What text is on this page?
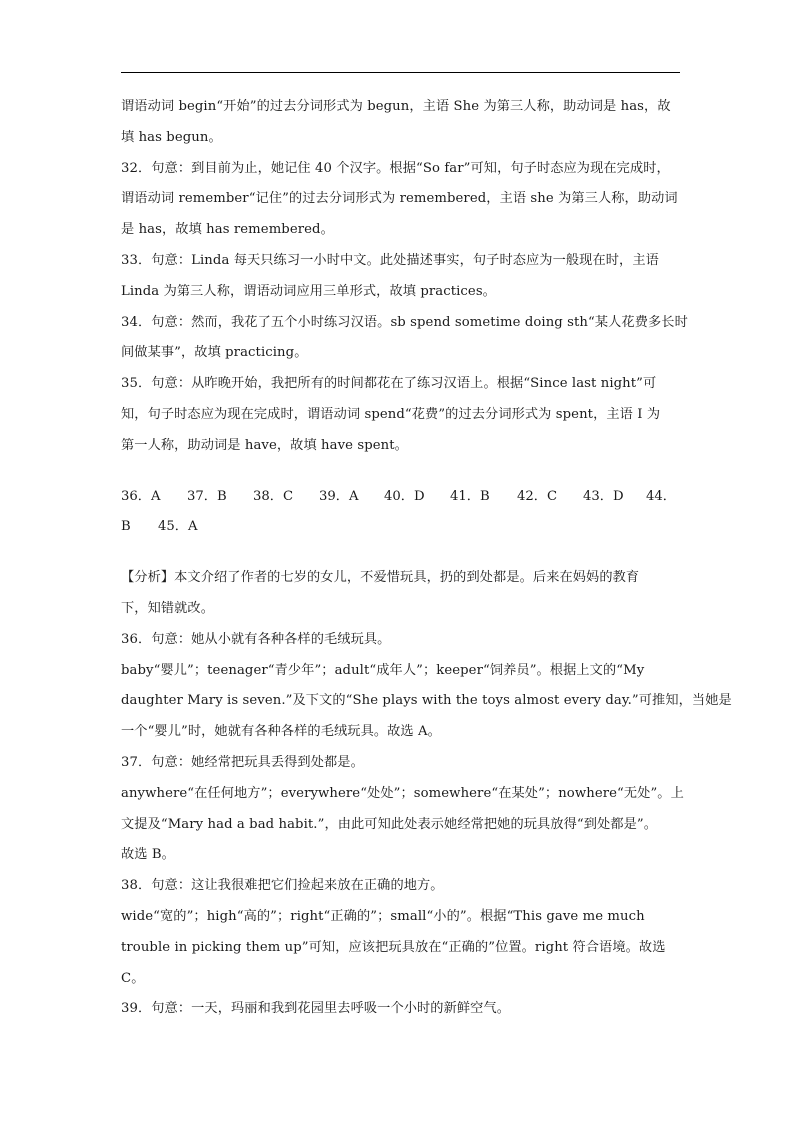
谓语动词 begin“开始”的过去分词形式为 begun，主语 She 为第三人称，助动词是 has，故
填 has begun。
32．句意：到目前为止，她记住 40 个汉字。根据“So far”可知，句子时态应为现在完成时，
谓语动词 remember“记住”的过去分词形式为 remembered，主语 she 为第三人称，助动词
是 has，故填 has remembered。
33．句意：Linda 每天只练习一小时中文。此处描述事实，句子时态应为一般现在时，主语
Linda 为第三人称，谓语动词应用三单形式，故填 practices。
34．句意：然而，我花了五个小时练习汉语。sb spend sometime doing sth“某人花费多长时
间做某事”，故填 practicing。
35．句意：从昨晚开始，我把所有的时间都花在了练习汉语上。根据“Since last night”可
知，句子时态应为现在完成时，谓语动词 spend“花费”的过去分词形式为 spent，主语 I 为
第一人称，助动词是 have，故填 have spent。
36．A	37．B	38．C	39．A	40．D	41．B	42．C	43．D	44．
B	45．A
【分析】本文介绍了作者的七岁的女儿，不爱惜玩具，扔的到处都是。后来在妈妈的教育
下，知错就改。
36．句意：她从小就有各种各样的毛绒玩具。
baby“婴儿”；teenager“青少年”；adult“成年人”；keeper“饲养员”。根据上文的“My
daughter Mary is seven.”及下文的“She plays with the toys almost every day.”可推知，当她是
一个“婴儿”时，她就有各种各样的毛绒玩具。故选 A。
37．句意：她经常把玩具丢得到处都是。
anywhere“在任何地方”；everywhere“处处”；somewhere“在某处”；nowhere“无处”。上
文提及“Mary had a bad habit.”，由此可知此处表示她经常把她的玩具放得“到处都是”。
故选 B。
38．句意：这让我很难把它们捡起来放在正确的地方。
wide“宽的”；high“高的”；right“正确的”；small“小的”。根据“This gave me much
trouble in picking them up”可知，应该把玩具放在“正确的”位置。right 符合语境。故选
C。
39．句意：一天，玛丽和我到花园里去呼吸一个小时的新鲜空气。
